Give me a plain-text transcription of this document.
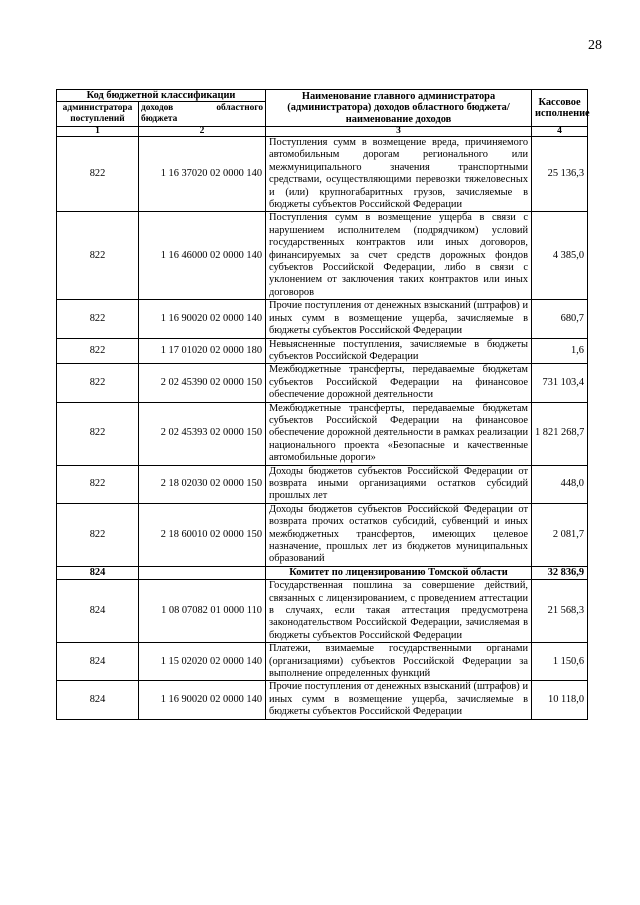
28
Код бюджетной классификации		Наименование главного администратора (администратора) доходов областного бюджета/ наименование доходов	Кассовое исполнение
администратора поступлений	доходов областного
бюджета		

1	2	3	4
822	1 16 37020 02 0000 140	Поступления сумм в возмещение вреда, причиняемого автомобильным дорогам регионального или межмуниципального значения транспортными средствами, осуществляющими перевозки тяжеловесных и (или) крупногабаритных грузов, зачисляемые в бюджеты субъектов Российской Федерации	25 136,3
822	1 16 46000 02 0000 140	Поступления сумм в возмещение ущерба в связи с нарушением исполнителем (подрядчиком) условий государственных контрактов или иных договоров, финансируемых за счет средств дорожных фондов субъектов Российской Федерации, либо в связи с уклонением от заключения таких контрактов или иных договоров	4 385,0
822	1 16 90020 02 0000 140	Прочие поступления от денежных взысканий (штрафов) и иных сумм в возмещение ущерба, зачисляемые в бюджеты субъектов Российской Федерации	680,7
822	1 17 01020 02 0000 180	Невыясненные поступления, зачисляемые в бюджеты субъектов Российской Федерации	1,6
822	2 02 45390 02 0000 150	Межбюджетные трансферты, передаваемые бюджетам субъектов Российской Федерации на финансовое обеспечение дорожной деятельности	731 103,4
822	2 02 45393 02 0000 150	Межбюджетные трансферты, передаваемые бюджетам субъектов Российской Федерации на финансовое обеспечение дорожной деятельности в рамках реализации национального проекта «Безопасные и качественные автомобильные дороги»	1 821 268,7
822	2 18 02030 02 0000 150	Доходы бюджетов субъектов Российской Федерации от возврата иными организациями остатков субсидий прошлых лет	448,0
822	2 18 60010 02 0000 150	Доходы бюджетов субъектов Российской Федерации от возврата прочих остатков субсидий, субвенций и иных межбюджетных трансфертов, имеющих целевое назначение, прошлых лет из бюджетов муниципальных образований	2 081,7
824		Комитет по лицензированию Томской области	32 836,9
824	1 08 07082 01 0000 110	Государственная пошлина за совершение действий, связанных с лицензированием, с проведением аттестации в случаях, если такая аттестация предусмотрена законодательством Российской Федерации, зачисляемая в бюджеты субъектов Российской Федерации	21 568,3
824	1 15 02020 02 0000 140	Платежи, взимаемые государственными органами (организациями) субъектов Российской Федерации за выполнение определенных функций	1 150,6
824	1 16 90020 02 0000 140	Прочие поступления от денежных взысканий (штрафов) и иных сумм в возмещение ущерба, зачисляемые в бюджеты субъектов Российской Федерации	10 118,0
